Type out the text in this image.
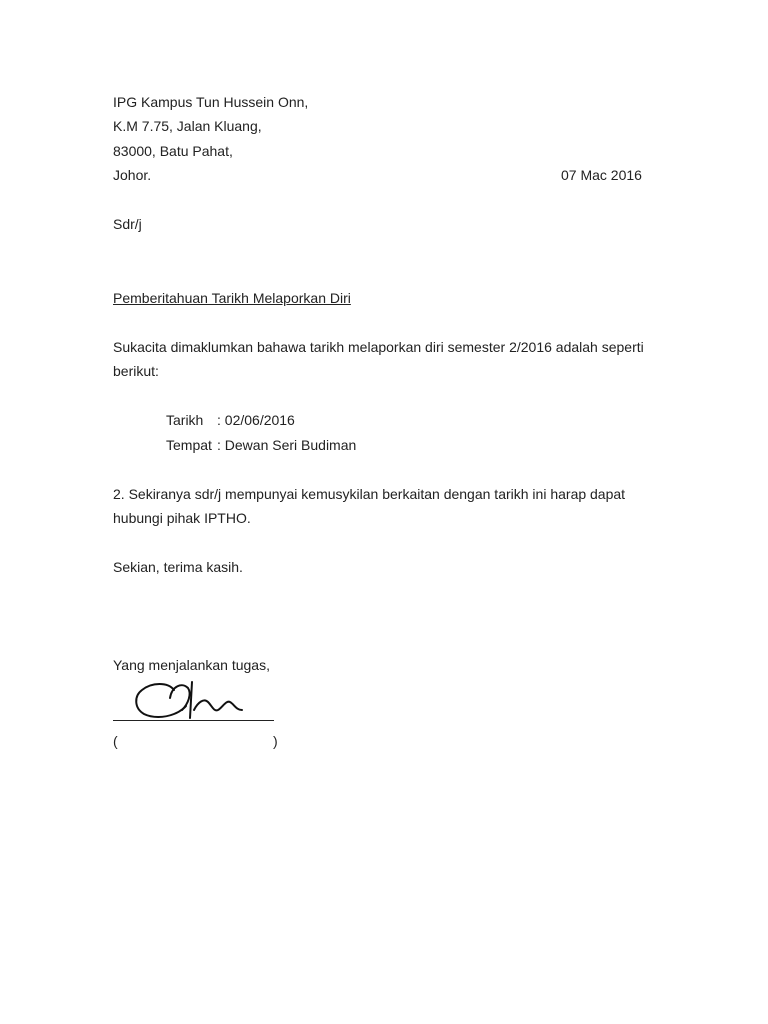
IPG Kampus Tun Hussein Onn,
K.M 7.75, Jalan Kluang,
83000, Batu Pahat,
Johor.	07 Mac 2016
Sdr/j
Pemberitahuan Tarikh Melaporkan Diri
Sukacita dimaklumkan bahawa tarikh melaporkan diri semester 2/2016 adalah seperti
berikut:
Tarikh : 02/06/2016
Tempat : Dewan Seri Budiman
2. Sekiranya sdr/j mempunyai kemusykilan berkaitan dengan tarikh ini harap dapat
hubungi pihak IPTHO.
Sekian, terima kasih.
Yang menjalankan tugas,
(	)
